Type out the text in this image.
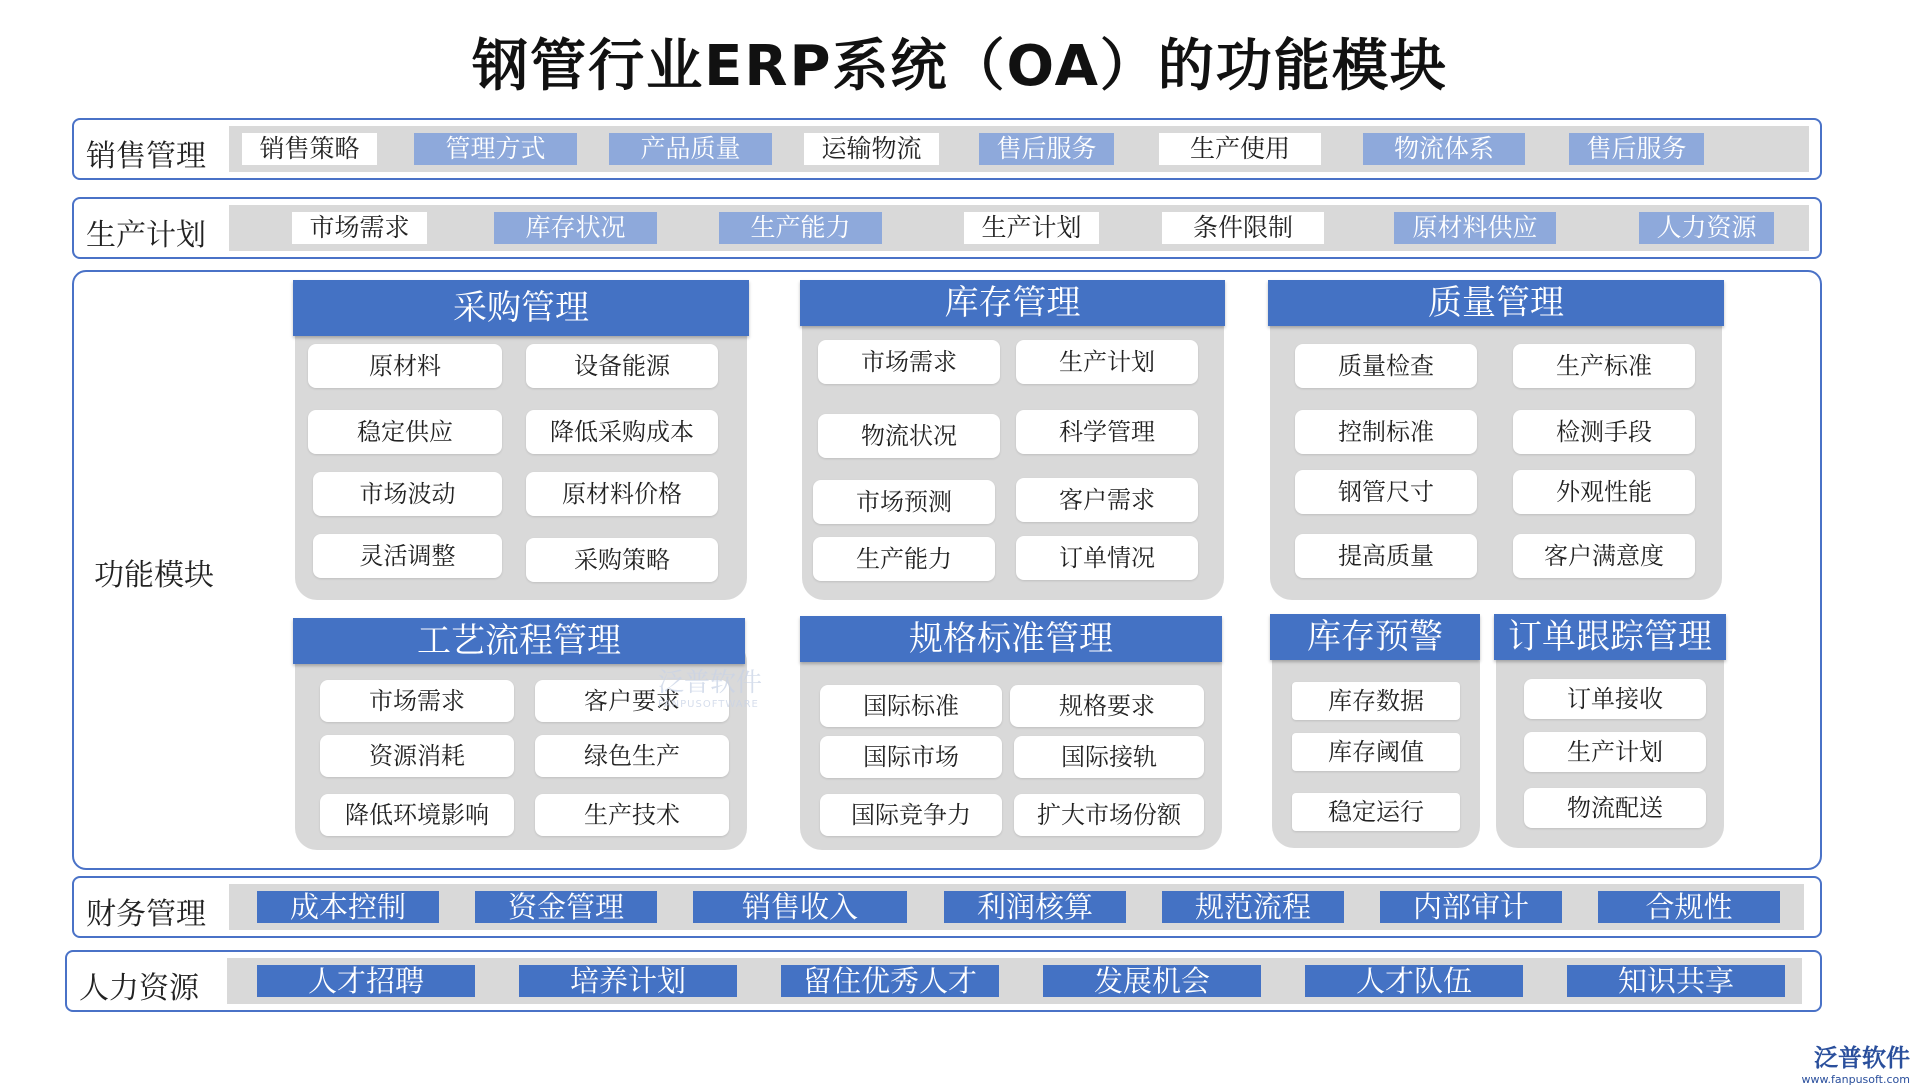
钢管行业ERP系统（OA）的功能模块
销售管理	销售策略	管理方式	产品质量	运输物流	售后服务	生产使用	物流体系	售后服务
生产计划	市场需求	库存状况	生产能力	生产计划	条件限制	原材料供应	人力资源
功能模块
采购管理
原材料	设备能源
稳定供应	降低采购成本
市场波动	原材料价格
灵活调整	采购策略
库存管理
市场需求	生产计划
物流状况	科学管理
市场预测	客户需求
生产能力	订单情况
质量管理
质量检查	生产标准
控制标准	检测手段
钢管尺寸	外观性能
提高质量	客户满意度
工艺流程管理
市场需求	客户要求
资源消耗	绿色生产
降低环境影响	生产技术
规格标准管理
国际标准	规格要求
国际市场	国际接轨
国际竞争力	扩大市场份额
库存预警
库存数据
库存阈值
稳定运行
订单跟踪管理
订单接收
生产计划
物流配送
泛普软件
FANPUSOFTWARE
财务管理	成本控制	资金管理	销售收入	利润核算	规范流程	内部审计	合规性
人力资源	人才招聘	培养计划	留住优秀人才	发展机会	人才队伍	知识共享
泛普软件
www.fanpusoft.com
